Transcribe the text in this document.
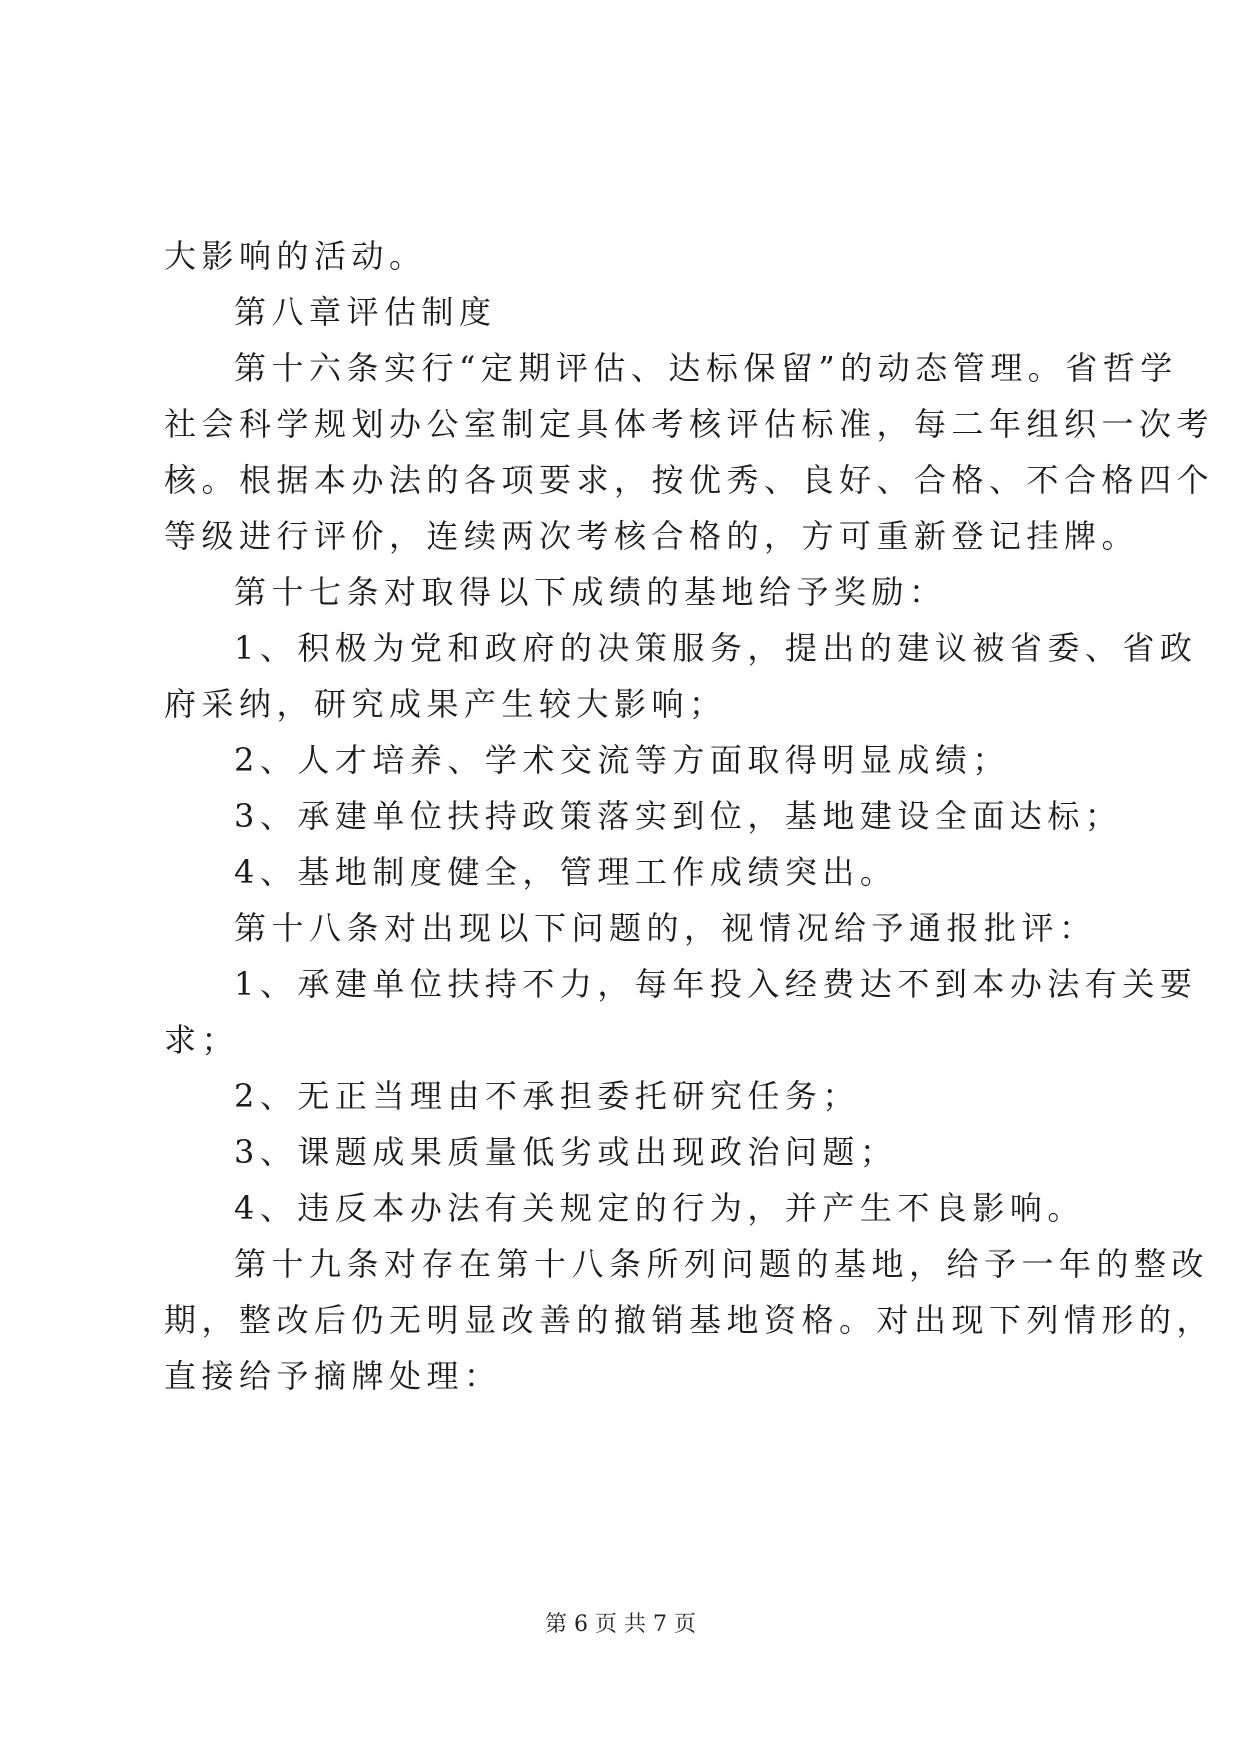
大影响的活动。
第八章评估制度
第十六条实行“定期评估、达标保留”的动态管理。省哲学
社会科学规划办公室制定具体考核评估标准，每二年组织一次考
核。根据本办法的各项要求，按优秀、良好、合格、不合格四个
等级进行评价，连续两次考核合格的，方可重新登记挂牌。
第十七条对取得以下成绩的基地给予奖励：
1、积极为党和政府的决策服务，提出的建议被省委、省政
府采纳，研究成果产生较大影响；
2、人才培养、学术交流等方面取得明显成绩；
3、承建单位扶持政策落实到位，基地建设全面达标；
4、基地制度健全，管理工作成绩突出。
第十八条对出现以下问题的，视情况给予通报批评：
1、承建单位扶持不力，每年投入经费达不到本办法有关要
求；
2、无正当理由不承担委托研究任务；
3、课题成果质量低劣或出现政治问题；
4、违反本办法有关规定的行为，并产生不良影响。
第十九条对存在第十八条所列问题的基地，给予一年的整改
期，整改后仍无明显改善的撤销基地资格。对出现下列情形的，
直接给予摘牌处理：
第 6 页 共 7 页
